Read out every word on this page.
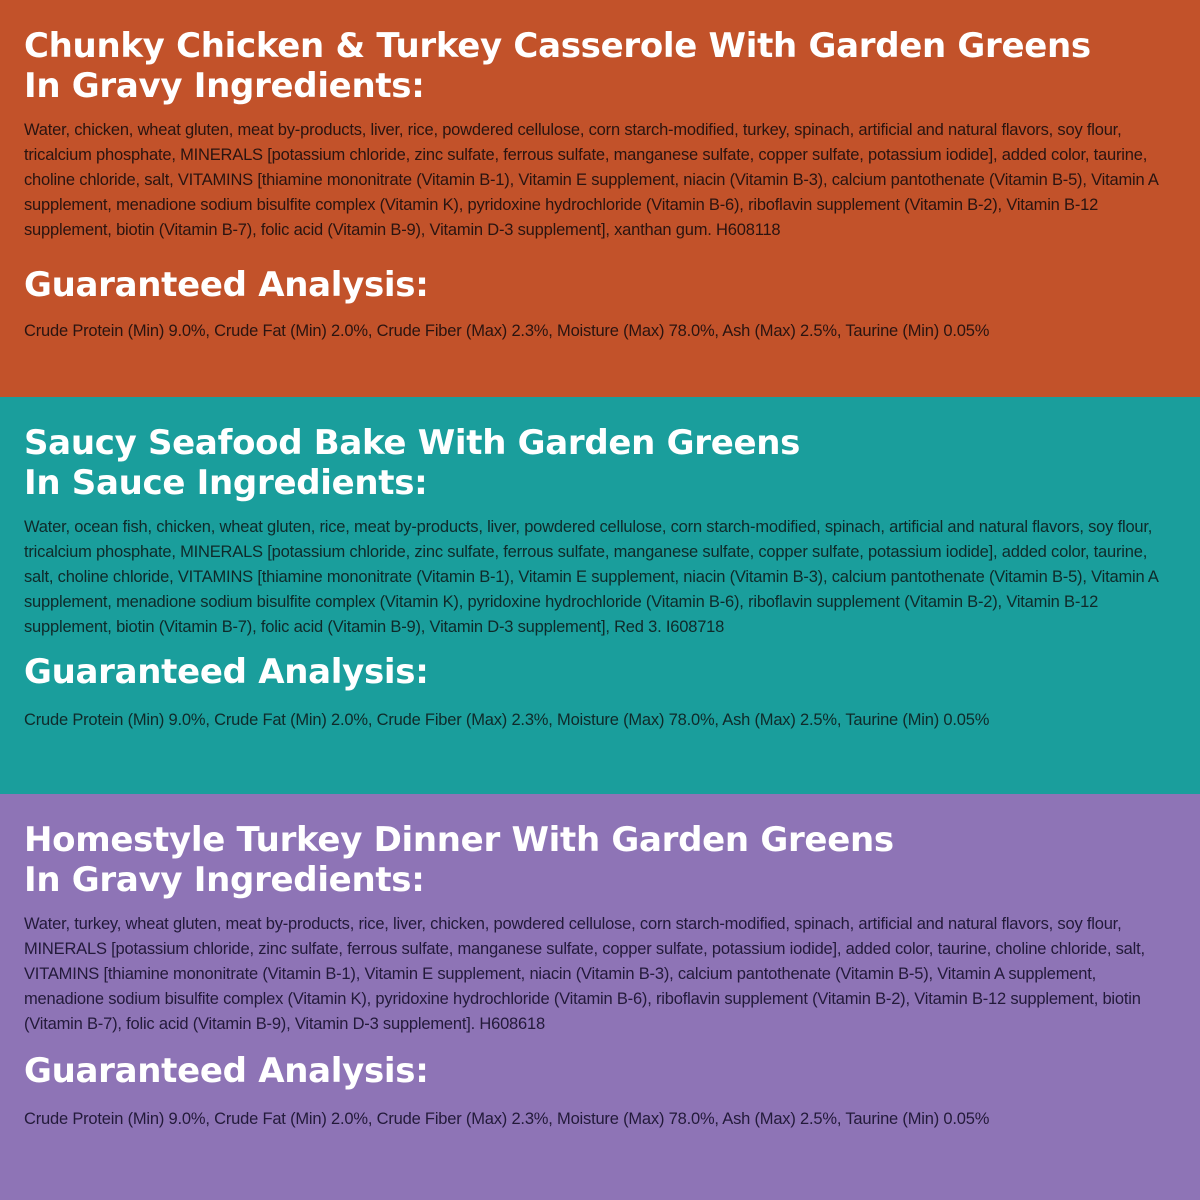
Chunky Chicken & Turkey Casserole With Garden Greens
In Gravy Ingredients:

Water, chicken, wheat gluten, meat by-products, liver, rice, powdered cellulose, corn starch-modified, turkey, spinach, artificial and natural flavors, soy flour, tricalcium phosphate, MINERALS [potassium chloride, zinc sulfate, ferrous sulfate, manganese sulfate, copper sulfate, potassium iodide], added color, taurine, choline chloride, salt, VITAMINS [thiamine mononitrate (Vitamin B-1), Vitamin E supplement, niacin (Vitamin B-3), calcium pantothenate (Vitamin B-5), Vitamin A supplement, menadione sodium bisulfite complex (Vitamin K), pyridoxine hydrochloride (Vitamin B-6), riboflavin supplement (Vitamin B-2), Vitamin B-12 supplement, biotin (Vitamin B-7), folic acid (Vitamin B-9), Vitamin D-3 supplement], xanthan gum. H608118

Guaranteed Analysis:

Crude Protein (Min) 9.0%, Crude Fat (Min) 2.0%, Crude Fiber (Max) 2.3%, Moisture (Max) 78.0%, Ash (Max) 2.5%, Taurine (Min) 0.05%

Saucy Seafood Bake With Garden Greens
In Sauce Ingredients:

Water, ocean fish, chicken, wheat gluten, rice, meat by-products, liver, powdered cellulose, corn starch-modified, spinach, artificial and natural flavors, soy flour, tricalcium phosphate, MINERALS [potassium chloride, zinc sulfate, ferrous sulfate, manganese sulfate, copper sulfate, potassium iodide], added color, taurine, salt, choline chloride, VITAMINS [thiamine mononitrate (Vitamin B-1), Vitamin E supplement, niacin (Vitamin B-3), calcium pantothenate (Vitamin B-5), Vitamin A supplement, menadione sodium bisulfite complex (Vitamin K), pyridoxine hydrochloride (Vitamin B-6), riboflavin supplement (Vitamin B-2), Vitamin B-12 supplement, biotin (Vitamin B-7), folic acid (Vitamin B-9), Vitamin D-3 supplement], Red 3. I608718

Guaranteed Analysis:

Crude Protein (Min) 9.0%, Crude Fat (Min) 2.0%, Crude Fiber (Max) 2.3%, Moisture (Max) 78.0%, Ash (Max) 2.5%, Taurine (Min) 0.05%

Homestyle Turkey Dinner With Garden Greens
In Gravy Ingredients:

Water, turkey, wheat gluten, meat by-products, rice, liver, chicken, powdered cellulose, corn starch-modified, spinach, artificial and natural flavors, soy flour, MINERALS [potassium chloride, zinc sulfate, ferrous sulfate, manganese sulfate, copper sulfate, potassium iodide], added color, taurine, choline chloride, salt, VITAMINS [thiamine mononitrate (Vitamin B-1), Vitamin E supplement, niacin (Vitamin B-3), calcium pantothenate (Vitamin B-5), Vitamin A supplement, menadione sodium bisulfite complex (Vitamin K), pyridoxine hydrochloride (Vitamin B-6), riboflavin supplement (Vitamin B-2), Vitamin B-12 supplement, biotin (Vitamin B-7), folic acid (Vitamin B-9), Vitamin D-3 supplement]. H608618

Guaranteed Analysis:

Crude Protein (Min) 9.0%, Crude Fat (Min) 2.0%, Crude Fiber (Max) 2.3%, Moisture (Max) 78.0%, Ash (Max) 2.5%, Taurine (Min) 0.05%
